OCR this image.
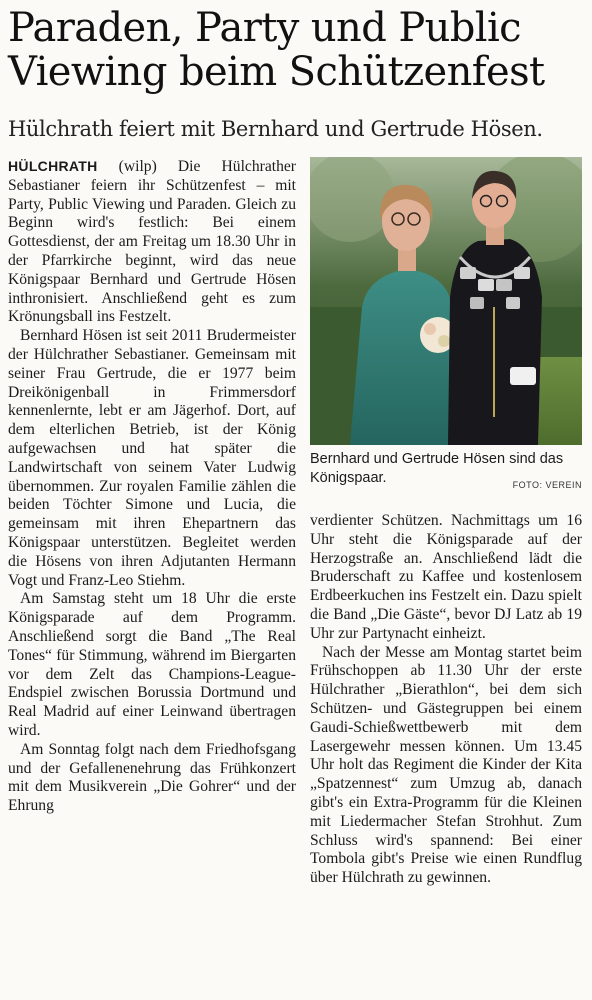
Paraden, Party und Public
Viewing beim Schützenfest
Hülchrath feiert mit Bernhard und Gertrude Hösen.

HÜLCHRATH (wilp) Die Hülchrather Sebastianer feiern ihr Schützenfest – mit Party, Public Viewing und Paraden. Gleich zu Beginn wird's festlich: Bei einem Gottesdienst, der am Freitag um 18.30 Uhr in der Pfarrkirche beginnt, wird das neue Königspaar Bernhard und Gertrude Hösen inthronisiert. Anschließend geht es zum Krönungsball ins Festzelt.

Bernhard Hösen ist seit 2011 Brudermeister der Hülchrather Sebastianer. Gemeinsam mit seiner Frau Gertrude, die er 1977 beim Dreikönigenball in Frimmersdorf kennenlernte, lebt er am Jägerhof. Dort, auf dem elterlichen Betrieb, ist der König aufgewachsen und hat später die Landwirtschaft von seinem Vater Ludwig übernommen. Zur royalen Familie zählen die beiden Töchter Simone und Lucia, die gemeinsam mit ihren Ehepartnern das Königspaar unterstützen. Begleitet werden die Hösens von ihren Adjutanten Hermann Vogt und Franz-Leo Stiehm.

Am Samstag steht um 18 Uhr die erste Königsparade auf dem Programm. Anschließend sorgt die Band „The Real Tones“ für Stimmung, während im Biergarten vor dem Zelt das Champions-League-Endspiel zwischen Borussia Dortmund und Real Madrid auf einer Leinwand übertragen wird.

Am Sonntag folgt nach dem Friedhofsgang und der Gefallenenehrung das Frühkonzert mit dem Musikverein „Die Gohrer“ und der Ehrung

Bernhard und Gertrude Hösen sind das Königspaar.	FOTO: VEREIN

verdienter Schützen. Nachmittags um 16 Uhr steht die Königsparade auf der Herzogstraße an. Anschließend lädt die Bruderschaft zu Kaffee und kostenlosem Erdbeerkuchen ins Festzelt ein. Dazu spielt die Band „Die Gäste“, bevor DJ Latz ab 19 Uhr zur Partynacht einheizt.

Nach der Messe am Montag startet beim Frühschoppen ab 11.30 Uhr der erste Hülchrather „Bierathlon“, bei dem sich Schützen- und Gästegruppen bei einem Gaudi-Schießwettbewerb mit dem Lasergewehr messen können. Um 13.45 Uhr holt das Regiment die Kinder der Kita „Spatzennest“ zum Umzug ab, danach gibt's ein Extra-Programm für die Kleinen mit Liedermacher Stefan Strohhut. Zum Schluss wird's spannend: Bei einer Tombola gibt's Preise wie einen Rundflug über Hülchrath zu gewinnen.
